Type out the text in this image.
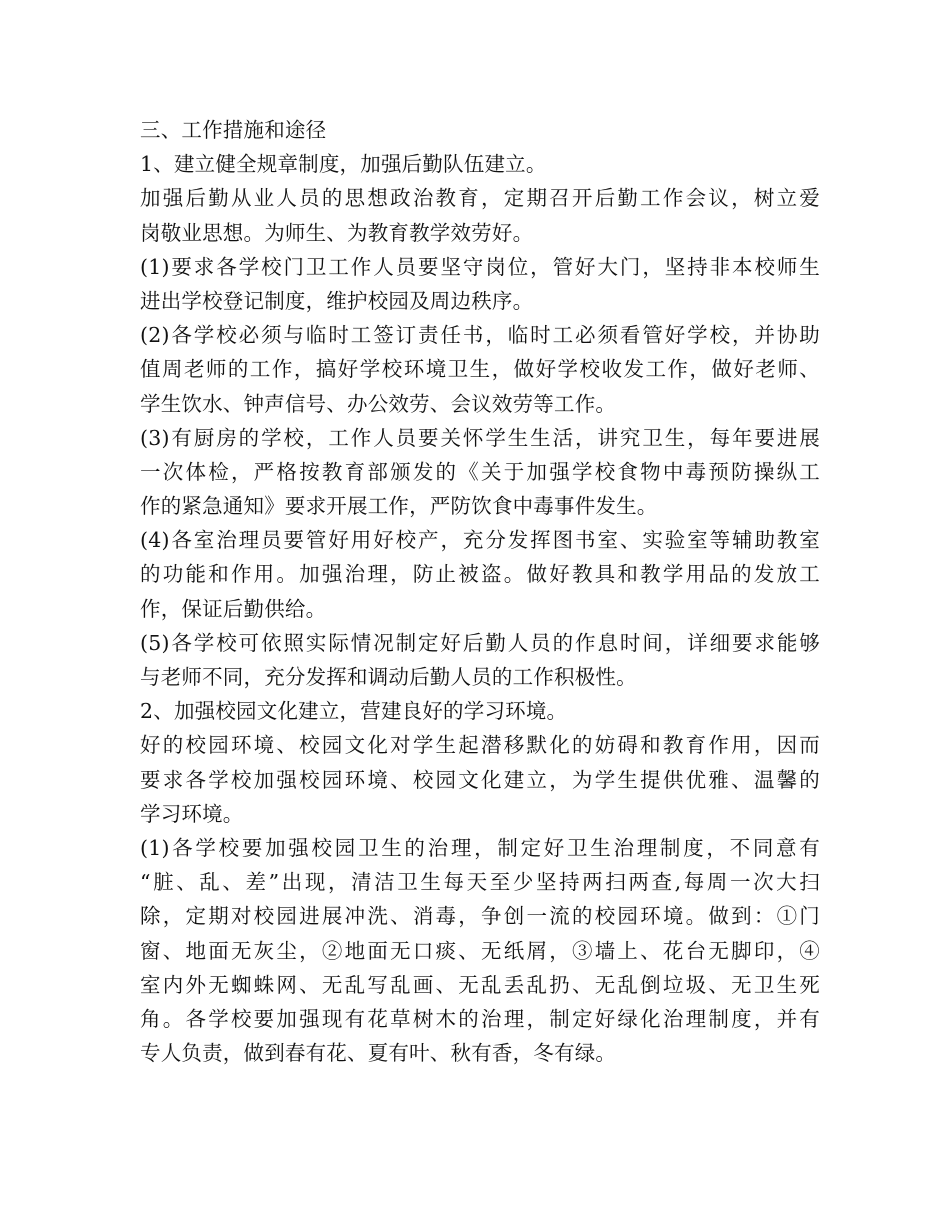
三、工作措施和途径
1、建立健全规章制度，加强后勤队伍建立。
加强后勤从业人员的思想政治教育，定期召开后勤工作会议，树立爱
岗敬业思想。为师生、为教育教学效劳好。
(1)要求各学校门卫工作人员要坚守岗位，管好大门，坚持非本校师生
进出学校登记制度，维护校园及周边秩序。
(2)各学校必须与临时工签订责任书，临时工必须看管好学校，并协助
值周老师的工作，搞好学校环境卫生，做好学校收发工作，做好老师、
学生饮水、钟声信号、办公效劳、会议效劳等工作。
(3)有厨房的学校，工作人员要关怀学生生活，讲究卫生，每年要进展
一次体检，严格按教育部颁发的《关于加强学校食物中毒预防操纵工
作的紧急通知》要求开展工作，严防饮食中毒事件发生。
(4)各室治理员要管好用好校产，充分发挥图书室、实验室等辅助教室
的功能和作用。加强治理，防止被盗。做好教具和教学用品的发放工
作，保证后勤供给。
(5)各学校可依照实际情况制定好后勤人员的作息时间，详细要求能够
与老师不同，充分发挥和调动后勤人员的工作积极性。
2、加强校园文化建立，营建良好的学习环境。
好的校园环境、校园文化对学生起潜移默化的妨碍和教育作用，因而
要求各学校加强校园环境、校园文化建立，为学生提供优雅、温馨的
学习环境。
(1)各学校要加强校园卫生的治理，制定好卫生治理制度，不同意有
“脏、乱、差”出现，清洁卫生每天至少坚持两扫两查,每周一次大扫
除，定期对校园进展冲洗、消毒，争创一流的校园环境。做到：①门
窗、地面无灰尘，②地面无口痰、无纸屑，③墙上、花台无脚印，④
室内外无蜘蛛网、无乱写乱画、无乱丢乱扔、无乱倒垃圾、无卫生死
角。各学校要加强现有花草树木的治理，制定好绿化治理制度，并有
专人负责，做到春有花、夏有叶、秋有香，冬有绿。
